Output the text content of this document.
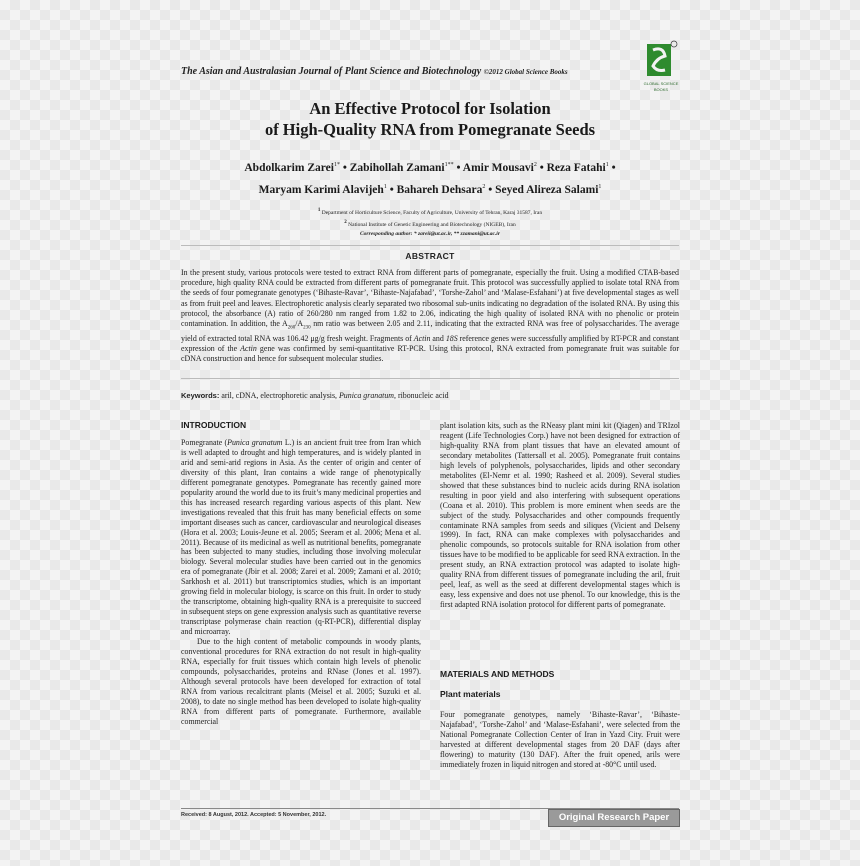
The Asian and Australasian Journal of Plant Science and Biotechnology ©2012 Global Science Books
GLOBAL SCIENCE
BOOKS
An Effective Protocol for Isolation
of High-Quality RNA from Pomegranate Seeds
Abdolkarim Zarei$^{1*}$ • Zabihollah Zamani$^{1**}$ • Amir Mousavi$^2$ • Reza Fatahi$^1$ •
Maryam Karimi Alavijeh$^1$ • Bahareh Dehsara$^2$ • Seyed Alireza Salami$^1$
$^1$ Department of Horticulture Science, Faculty of Agriculture, University of Tehran, Karaj 31587, Iran
$^2$ National Institute of Genetic Engineering and Biotechnology (NIGEB), Iran
Corresponding author: * zareii@ut.ac.ir, ** zzamani@ut.ac.ir
ABSTRACT
In the present study, various protocols were tested to extract RNA from different parts of pomegranate, especially the fruit. Using a modified CTAB-based procedure, high quality RNA could be extracted from different parts of pomegranate fruit. This protocol was successfully applied to isolate total RNA from the seeds of four pomegranate genotypes (‘Bihaste-Ravar’, ‘Bihaste-Najafabad’, ‘Torshe-Zahol’ and ‘Malase-Esfahani’) at five developmental stages as well as from fruit peel and leaves. Electrophoretic analysis clearly separated two ribosomal sub-units indicating no degradation of the isolated RNA. By using this protocol, the absorbance (A) ratio of 260/280 nm ranged from 1.82 to 2.06, indicating the high quality of isolated RNA with no phenolic or protein contamination. In addition, the $A_{260}/A_{230}$ nm ratio was between 2.05 and 2.11, indicating that the extracted RNA was free of polysaccharides. The average yield of extracted total RNA was 106.42 μg/g fresh weight. Fragments of Actin and 18S reference genes were successfully amplified by RT-PCR and constant expression of the Actin gene was confirmed by semi-quantitative RT-PCR. Using this protocol, RNA extracted from pomegranate fruit was suitable for cDNA construction and hence for subsequent molecular studies.
Keywords: aril, cDNA, electrophoretic analysis, Punica granatum, ribonucleic acid
INTRODUCTION

Pomegranate (Punica granatum L.) is an ancient fruit tree from Iran which is well adapted to drought and high temperatures, and is widely planted in arid and semi-arid regions in Asia. As the center of origin and center of diversity of this plant, Iran contains a wide range of phenotypically different pomegranate genotypes. Pomegranate has recently gained more popularity around the world due to its fruit’s many medicinal properties and this has increased research regarding various aspects of this plant. New investigations revealed that this fruit has many beneficial effects on some important diseases such as cancer, cardiovascular and neurological diseases (Hora et al. 2003; Louis-Jeune et al. 2005; Seeram et al. 2006; Mena et al. 2011). Because of its medicinal as well as nutritional benefits, pomegranate has been subjected to many studies, including those involving molecular biology. Several molecular studies have been carried out in the genomics era of pomegranate (Jbir et al. 2008; Zarei et al. 2009; Zamani et al. 2010; Sarkhosh et al. 2011) but transcriptomics studies, which is an important growing field in molecular biology, is scarce on this fruit. In order to study the transcriptome, obtaining high-quality RNA is a prerequisite to succeed in subsequent steps on gene expression analysis such as quantitative reverse transcriptase polymerase chain reaction (q-RT-PCR), differential display and microarray.

Due to the high content of metabolic compounds in woody plants, conventional procedures for RNA extraction do not result in high-quality RNA, especially for fruit tissues which contain high levels of phenolic compounds, polysaccharides, proteins and RNase (Jones et al. 1997). Although several protocols have been developed for extraction of total RNA from various recalcitrant plants (Meisel et al. 2005; Suzuki et al. 2008), to date no single method has been developed to isolate high-quality RNA from different parts of pomegranate. Furthermore, available commercial

plant isolation kits, such as the RNeasy plant mini kit (Qiagen) and TRIzol reagent (Life Technologies Corp.) have not been designed for extraction of high-quality RNA from plant tissues that have an elevated amount of secondary metabolites (Tattersall et al. 2005). Pomegranate fruit contains high levels of polyphenols, polysaccharides, lipids and other secondary metabolites (El-Nemr et al. 1990; Rasheed et al. 2009). Several studies showed that these substances bind to nucleic acids during RNA isolation resulting in poor yield and also interfering with subsequent operations (Coana et al. 2010). This problem is more eminent when seeds are the subject of the study. Polysaccharides and other compounds frequently contaminate RNA samples from seeds and siliques (Vicient and Delseny 1999). In fact, RNA can make complexes with polysaccharides and phenolic compounds, so protocols suitable for RNA isolation from other tissues have to be modified to be applicable for seed RNA extraction. In the present study, an RNA extraction protocol was adapted to isolate high-quality RNA from different tissues of pomegranate including the aril, fruit peel, leaf, as well as the seed at different developmental stages which is easy, less expensive and does not use phenol. To our knowledge, this is the first adapted RNA isolation protocol for different parts of pomegranate.

MATERIALS AND METHODS
Plant materials

Four pomegranate genotypes, namely ‘Bihaste-Ravar’, ‘Bihaste-Najafabad’, ‘Torshe-Zahol’ and ‘Malase-Esfahani’, were selected from the National Pomegranate Collection Center of Iran in Yazd City. Fruit were harvested at different developmental stages from 20 DAF (days after flowering) to maturity (130 DAF). After the fruit opened, arils were immediately frozen in liquid nitrogen and stored at -80°C until used.

Received: 8 August, 2012. Accepted: 5 November, 2012.	Original Research Paper
